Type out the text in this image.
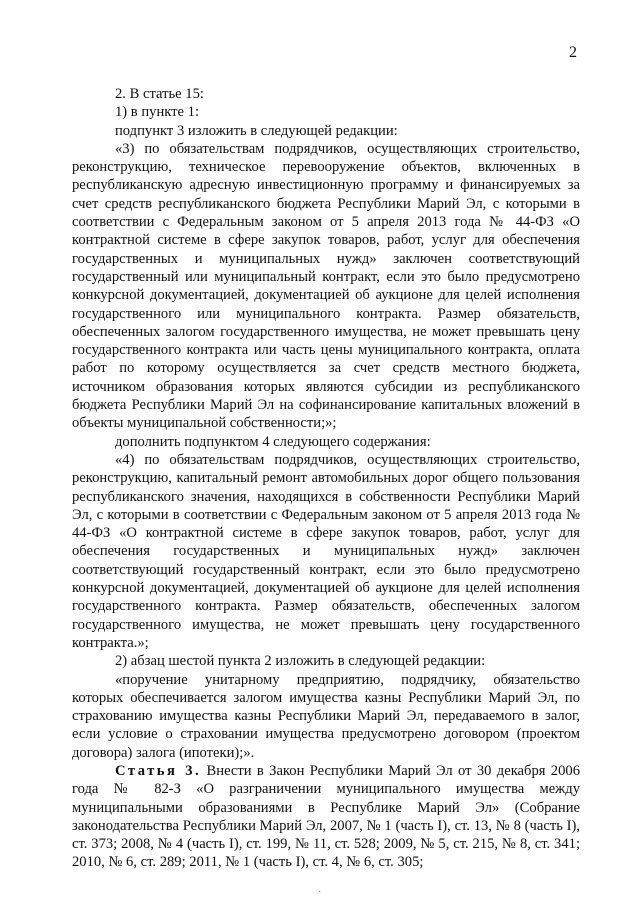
2

2. В статье 15:

1) в пункте 1:

подпункт 3 изложить в следующей редакции:

«3) по обязательствам подрядчиков, осуществляющих строительство, реконструкцию, техническое перевооружение объектов, включенных в республиканскую адресную инвестиционную программу и финансируемых за счет средств республиканского бюджета Республики Марий Эл, с которыми в соответствии с Федеральным законом от 5 апреля 2013 года № 44-ФЗ «О контрактной системе в сфере закупок товаров, работ, услуг для обеспечения государственных и муниципальных нужд» заключен соответствующий государственный или муниципальный контракт, если это было предусмотрено конкурсной документацией, документацией об аукционе для целей исполнения государственного или муниципального контракта. Размер обязательств, обеспеченных залогом государственного имущества, не может превышать цену государственного контракта или часть цены муниципального контракта, оплата работ по которому осуществляется за счет средств местного бюджета, источником образования которых являются субсидии из республиканского бюджета Республики Марий Эл на софинансирование капитальных вложений в объекты муниципальной собственности;»;

дополнить подпунктом 4 следующего содержания:

«4) по обязательствам подрядчиков, осуществляющих строительство, реконструкцию, капитальный ремонт автомобильных дорог общего пользования республиканского значения, находящихся в собственности Республики Марий Эл, с которыми в соответствии с Федеральным законом от 5 апреля 2013 года № 44-ФЗ «О контрактной системе в сфере закупок товаров, работ, услуг для обеспечения государственных и муниципальных нужд» заключен соответствующий государственный контракт, если это было предусмотрено конкурсной документацией, документацией об аукционе для целей исполнения государственного контракта. Размер обязательств, обеспеченных залогом государственного имущества, не может превышать цену государственного контракта.»;

2) абзац шестой пункта 2 изложить в следующей редакции:

«поручение унитарному предприятию, подрядчику, обязательство которых обеспечивается залогом имущества казны Республики Марий Эл, по страхованию имущества казны Республики Марий Эл, передаваемого в залог, если условие о страховании имущества предусмотрено договором (проектом договора) залога (ипотеки);».

Статья 3. Внести в Закон Республики Марий Эл от 30 декабря 2006 года № 82-З «О разграничении муниципального имущества между муниципальными образованиями в Республике Марий Эл» (Собрание законодательства Республики Марий Эл, 2007, № 1 (часть I), ст. 13, № 8 (часть I), ст. 373; 2008, № 4 (часть I), ст. 199, № 11, ст. 528; 2009, № 5, ст. 215, № 8, ст. 341; 2010, № 6, ст. 289; 2011, № 1 (часть I), ст. 4, № 6, ст. 305;

·
